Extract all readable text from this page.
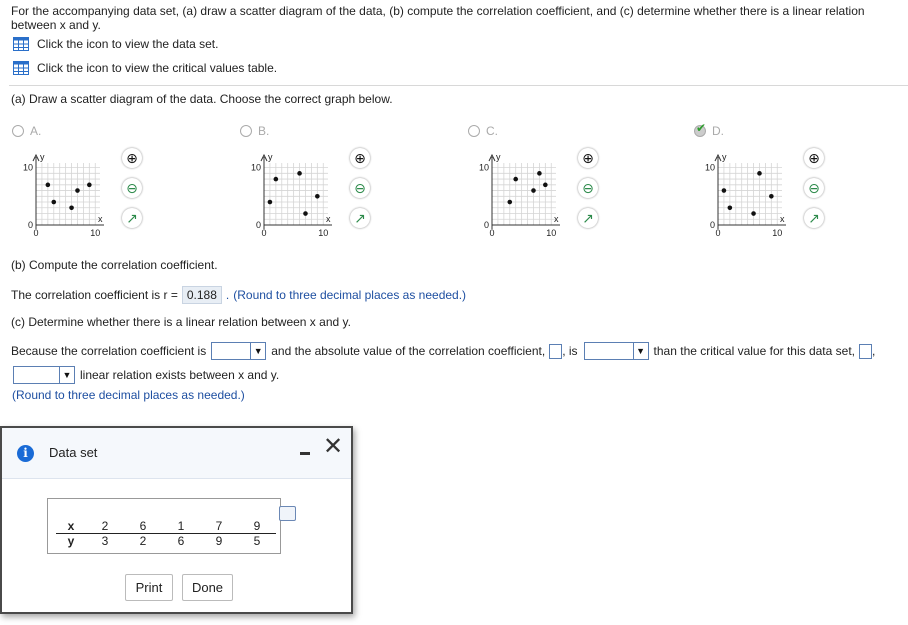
For the accompanying data set, (a) draw a scatter diagram of the data, (b) compute the correlation coefficient, and (c) determine whether there is a linear relation between x and y.
Click the icon to view the data set.
Click the icon to view the critical values table.
(a) Draw a scatter diagram of the data. Choose the correct graph below.
A.
y
10
0
x
0	10
⊕
⊖
↗
B.
y
10
0
x
0	10
⊕
⊖
↗
C.
y
10
0
x
0	10
⊕
⊖
↗
✔ D.
y
10
0
x
0	10
⊕
⊖
↗
(b) Compute the correlation coefficient.
The correlation coefficient is r = 0.188 . (Round to three decimal places as needed.)
(c) Determine whether there is a linear relation between x and y.
Because the correlation coefficient is	▼ and the absolute value of the correlation coefficient, , is	▼ than the critical value for this data set, ,
▼ linear relation exists between x and y.
(Round to three decimal places as needed.)
i	Data set	✕
x	2	6	1	7	9
y	3	2	6	9	5
Print	Done
